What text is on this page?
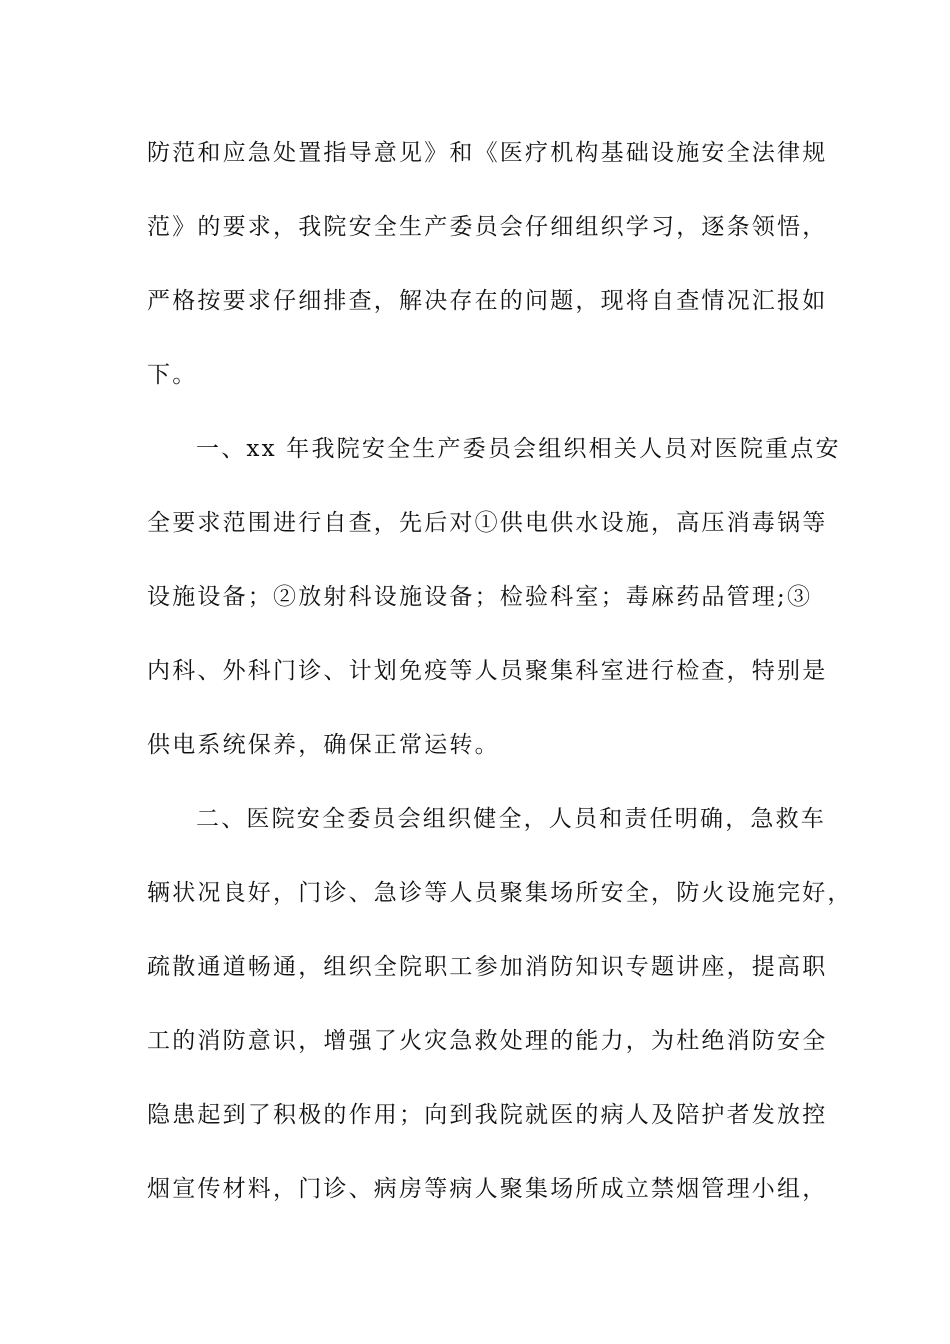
防范和应急处置指导意见》和《医疗机构基础设施安全法律规
范》的要求，我院安全生产委员会仔细组织学习，逐条领悟，
严格按要求仔细排查，解决存在的问题，现将自查情况汇报如
下。
一、xx 年我院安全生产委员会组织相关人员对医院重点安
全要求范围进行自查，先后对①供电供水设施，高压消毒锅等
设施设备；②放射科设施设备；检验科室；毒麻药品管理;③
内科、外科门诊、计划免疫等人员聚集科室进行检查，特别是
供电系统保养，确保正常运转。
二、医院安全委员会组织健全，人员和责任明确，急救车
辆状况良好，门诊、急诊等人员聚集场所安全，防火设施完好，
疏散通道畅通，组织全院职工参加消防知识专题讲座，提高职
工的消防意识，增强了火灾急救处理的能力，为杜绝消防安全
隐患起到了积极的作用；向到我院就医的病人及陪护者发放控
烟宣传材料，门诊、病房等病人聚集场所成立禁烟管理小组，
